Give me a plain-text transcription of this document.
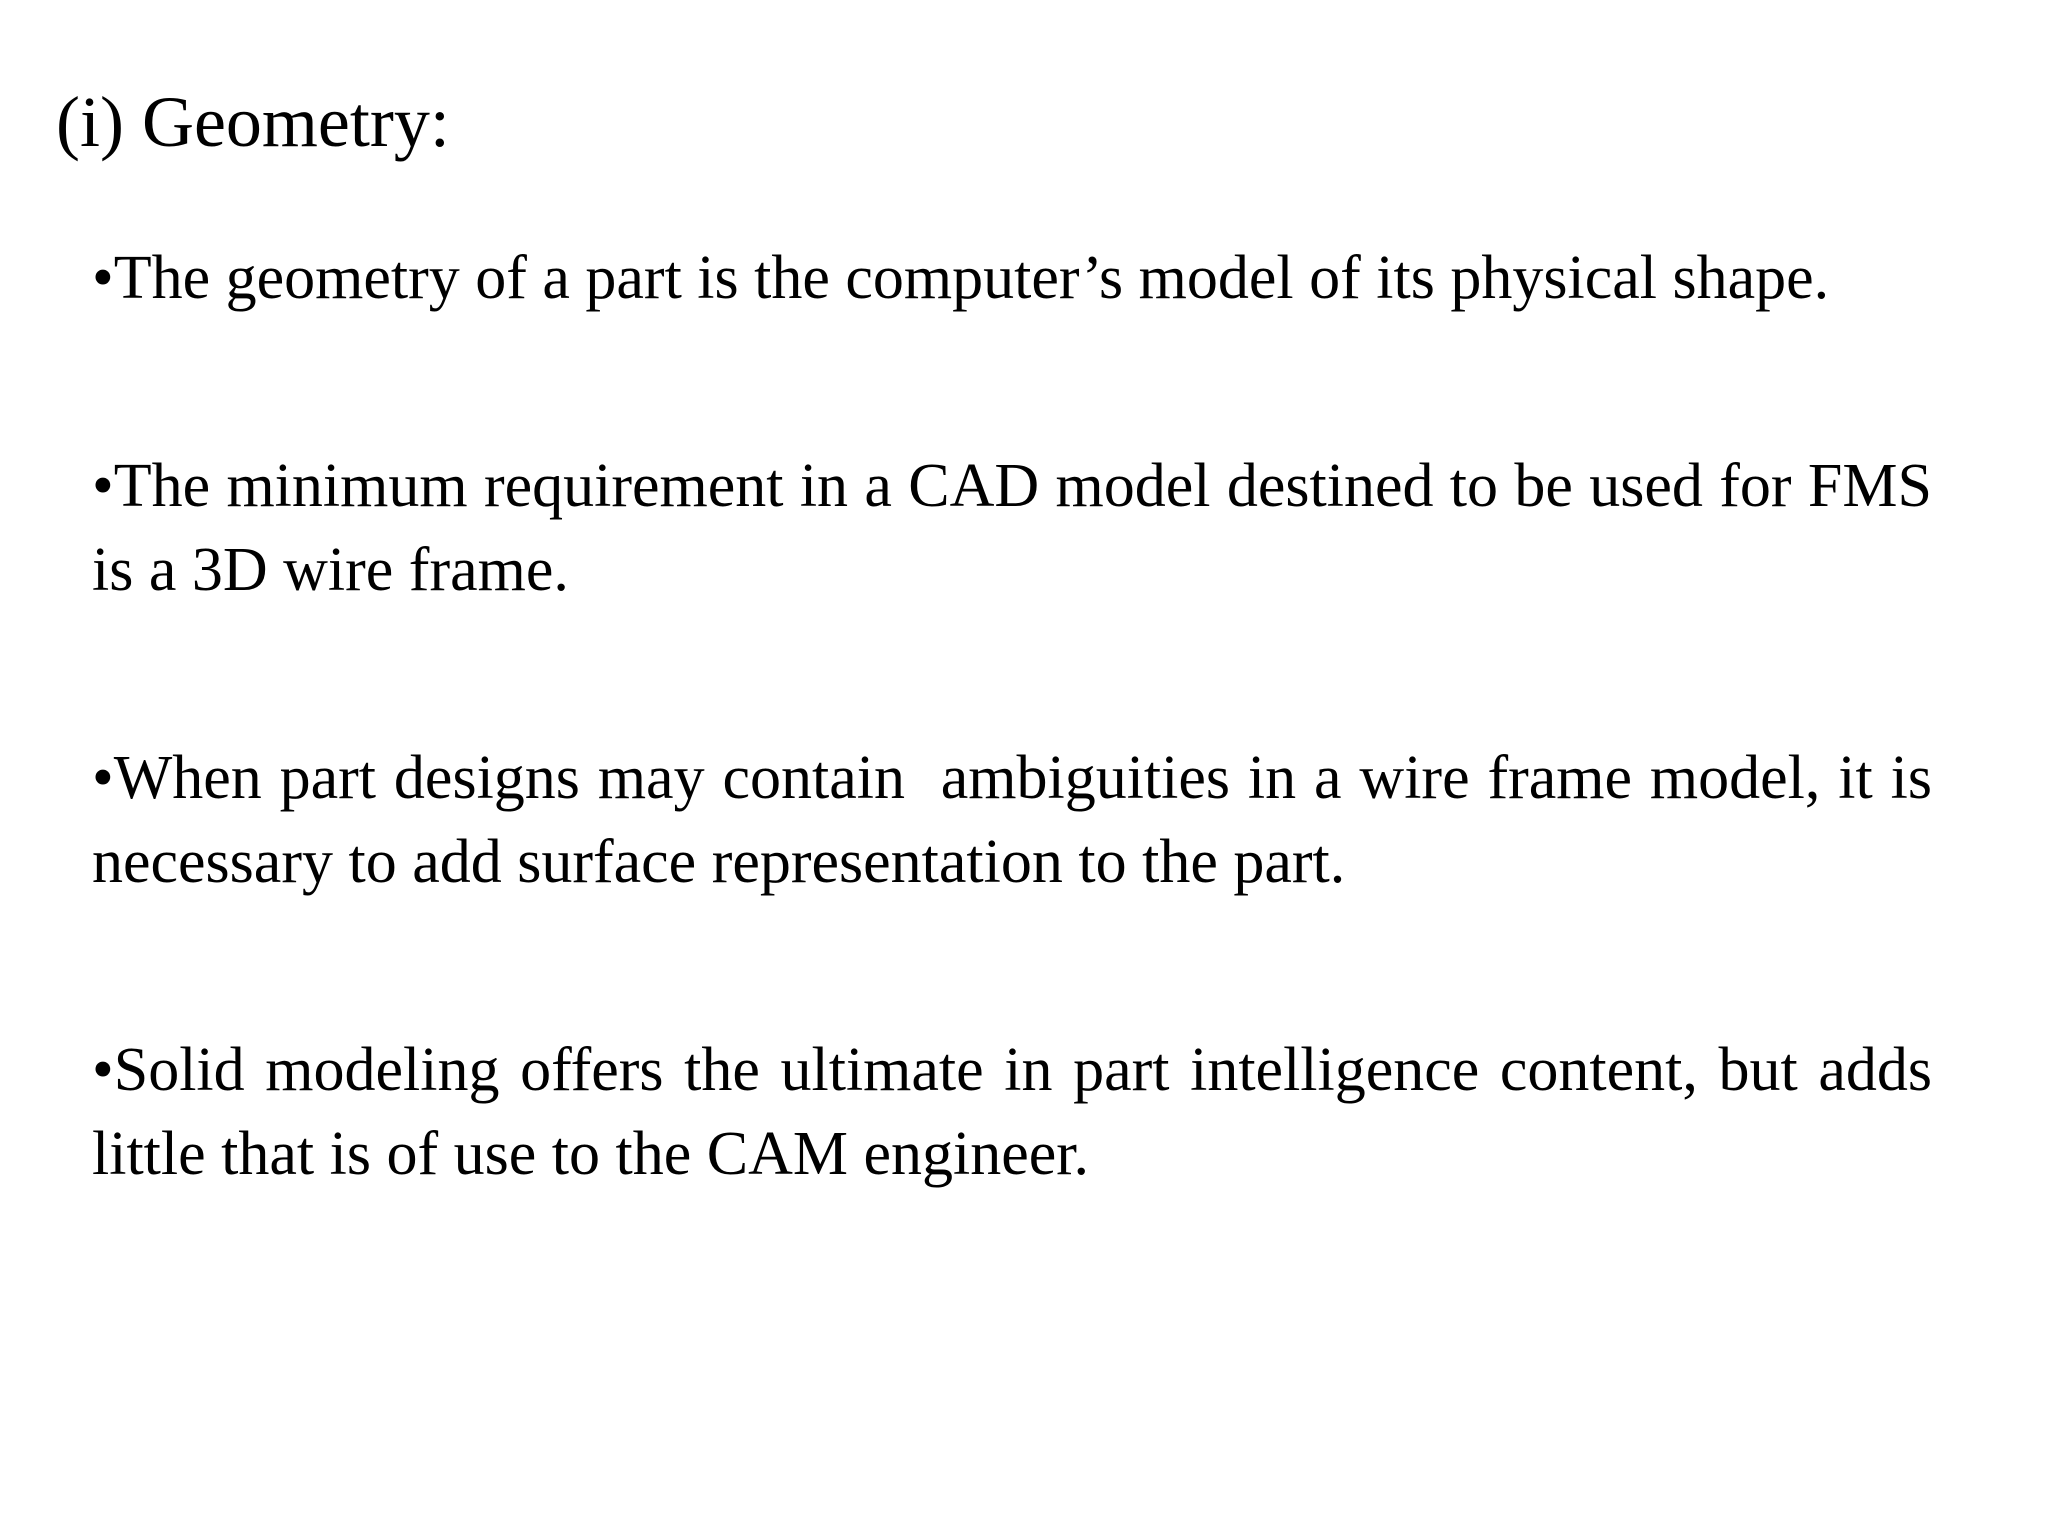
(i) Geometry:
•The geometry of a part is the computer’s model of its physical shape.
•The minimum requirement in a CAD model destined to be used for FMS is a 3D wire frame.
•When part designs may contain  ambiguities in a wire frame model, it is necessary to add surface representation to the part.
•Solid modeling offers the ultimate in part intelligence content, but adds little that is of use to the CAM engineer.
